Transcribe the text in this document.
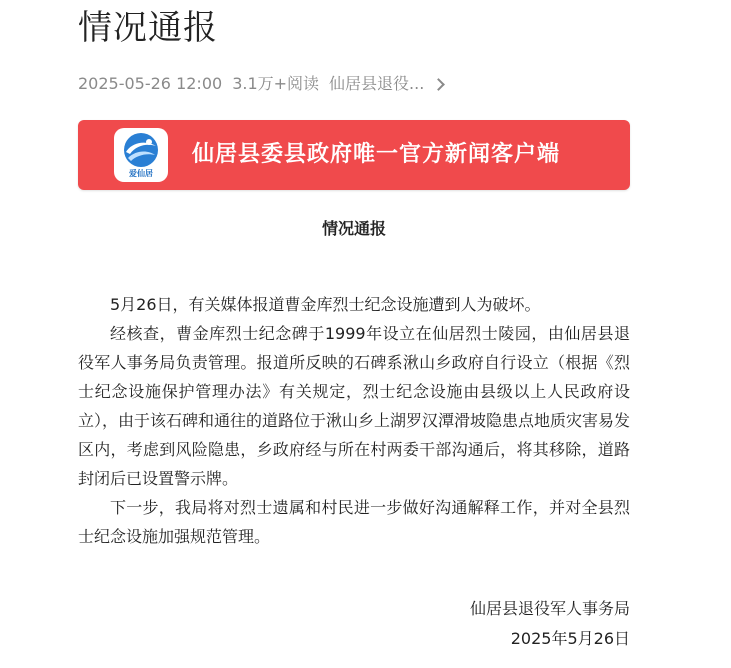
情况通报
2025-05-26 12:00 3.1万+阅读 仙居县退役...
爱仙居
仙居县委县政府唯一官方新闻客户端
情况通报

5月26日，有关媒体报道曹金库烈士纪念设施遭到人为破坏。

经核查，曹金库烈士纪念碑于1999年设立在仙居烈士陵园，由仙居县退役军人事务局负责管理。报道所反映的石碑系湫山乡政府自行设立（根据《烈士纪念设施保护管理办法》有关规定，烈士纪念设施由县级以上人民政府设立），由于该石碑和通往的道路位于湫山乡上湖罗汉潭滑坡隐患点地质灾害易发区内，考虑到风险隐患，乡政府经与所在村两委干部沟通后，将其移除，道路封闭后已设置警示牌。

下一步，我局将对烈士遗属和村民进一步做好沟通解释工作，并对全县烈士纪念设施加强规范管理。

仙居县退役军人事务局
2025年5月26日
